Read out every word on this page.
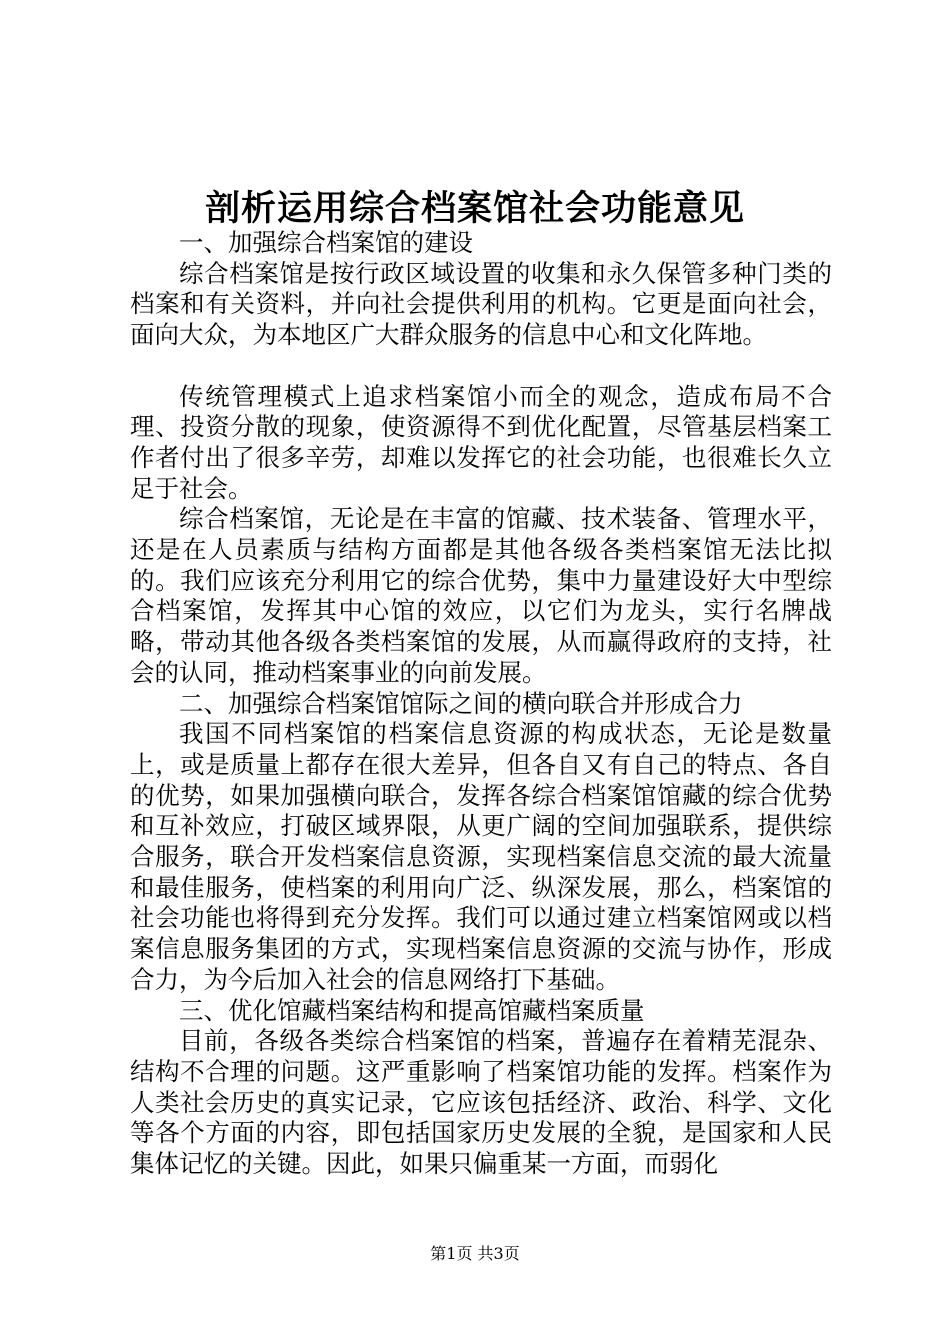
剖析运用综合档案馆社会功能意见

一、加强综合档案馆的建设

综合档案馆是按行政区域设置的收集和永久保管多种门类的档案和有关资料，并向社会提供利用的机构。它更是面向社会，面向大众，为本地区广大群众服务的信息中心和文化阵地。

传统管理模式上追求档案馆小而全的观念，造成布局不合理、投资分散的现象，使资源得不到优化配置，尽管基层档案工作者付出了很多辛劳，却难以发挥它的社会功能，也很难长久立足于社会。

综合档案馆，无论是在丰富的馆藏、技术装备、管理水平，还是在人员素质与结构方面都是其他各级各类档案馆无法比拟的。我们应该充分利用它的综合优势，集中力量建设好大中型综合档案馆，发挥其中心馆的效应，以它们为龙头，实行名牌战略，带动其他各级各类档案馆的发展，从而赢得政府的支持，社会的认同，推动档案事业的向前发展。

二、加强综合档案馆馆际之间的横向联合并形成合力

我国不同档案馆的档案信息资源的构成状态，无论是数量上，或是质量上都存在很大差异，但各自又有自己的特点、各自的优势，如果加强横向联合，发挥各综合档案馆馆藏的综合优势和互补效应，打破区域界限，从更广阔的空间加强联系，提供综合服务，联合开发档案信息资源，实现档案信息交流的最大流量和最佳服务，使档案的利用向广泛、纵深发展，那么，档案馆的社会功能也将得到充分发挥。我们可以通过建立档案馆网或以档案信息服务集团的方式，实现档案信息资源的交流与协作，形成合力，为今后加入社会的信息网络打下基础。

三、优化馆藏档案结构和提高馆藏档案质量

目前，各级各类综合档案馆的档案，普遍存在着精芜混杂、结构不合理的问题。这严重影响了档案馆功能的发挥。档案作为人类社会历史的真实记录，它应该包括经济、政治、科学、文化等各个方面的内容，即包括国家历史发展的全貌，是国家和人民集体记忆的关键。因此，如果只偏重某一方面，而弱化

第1页 共3页
